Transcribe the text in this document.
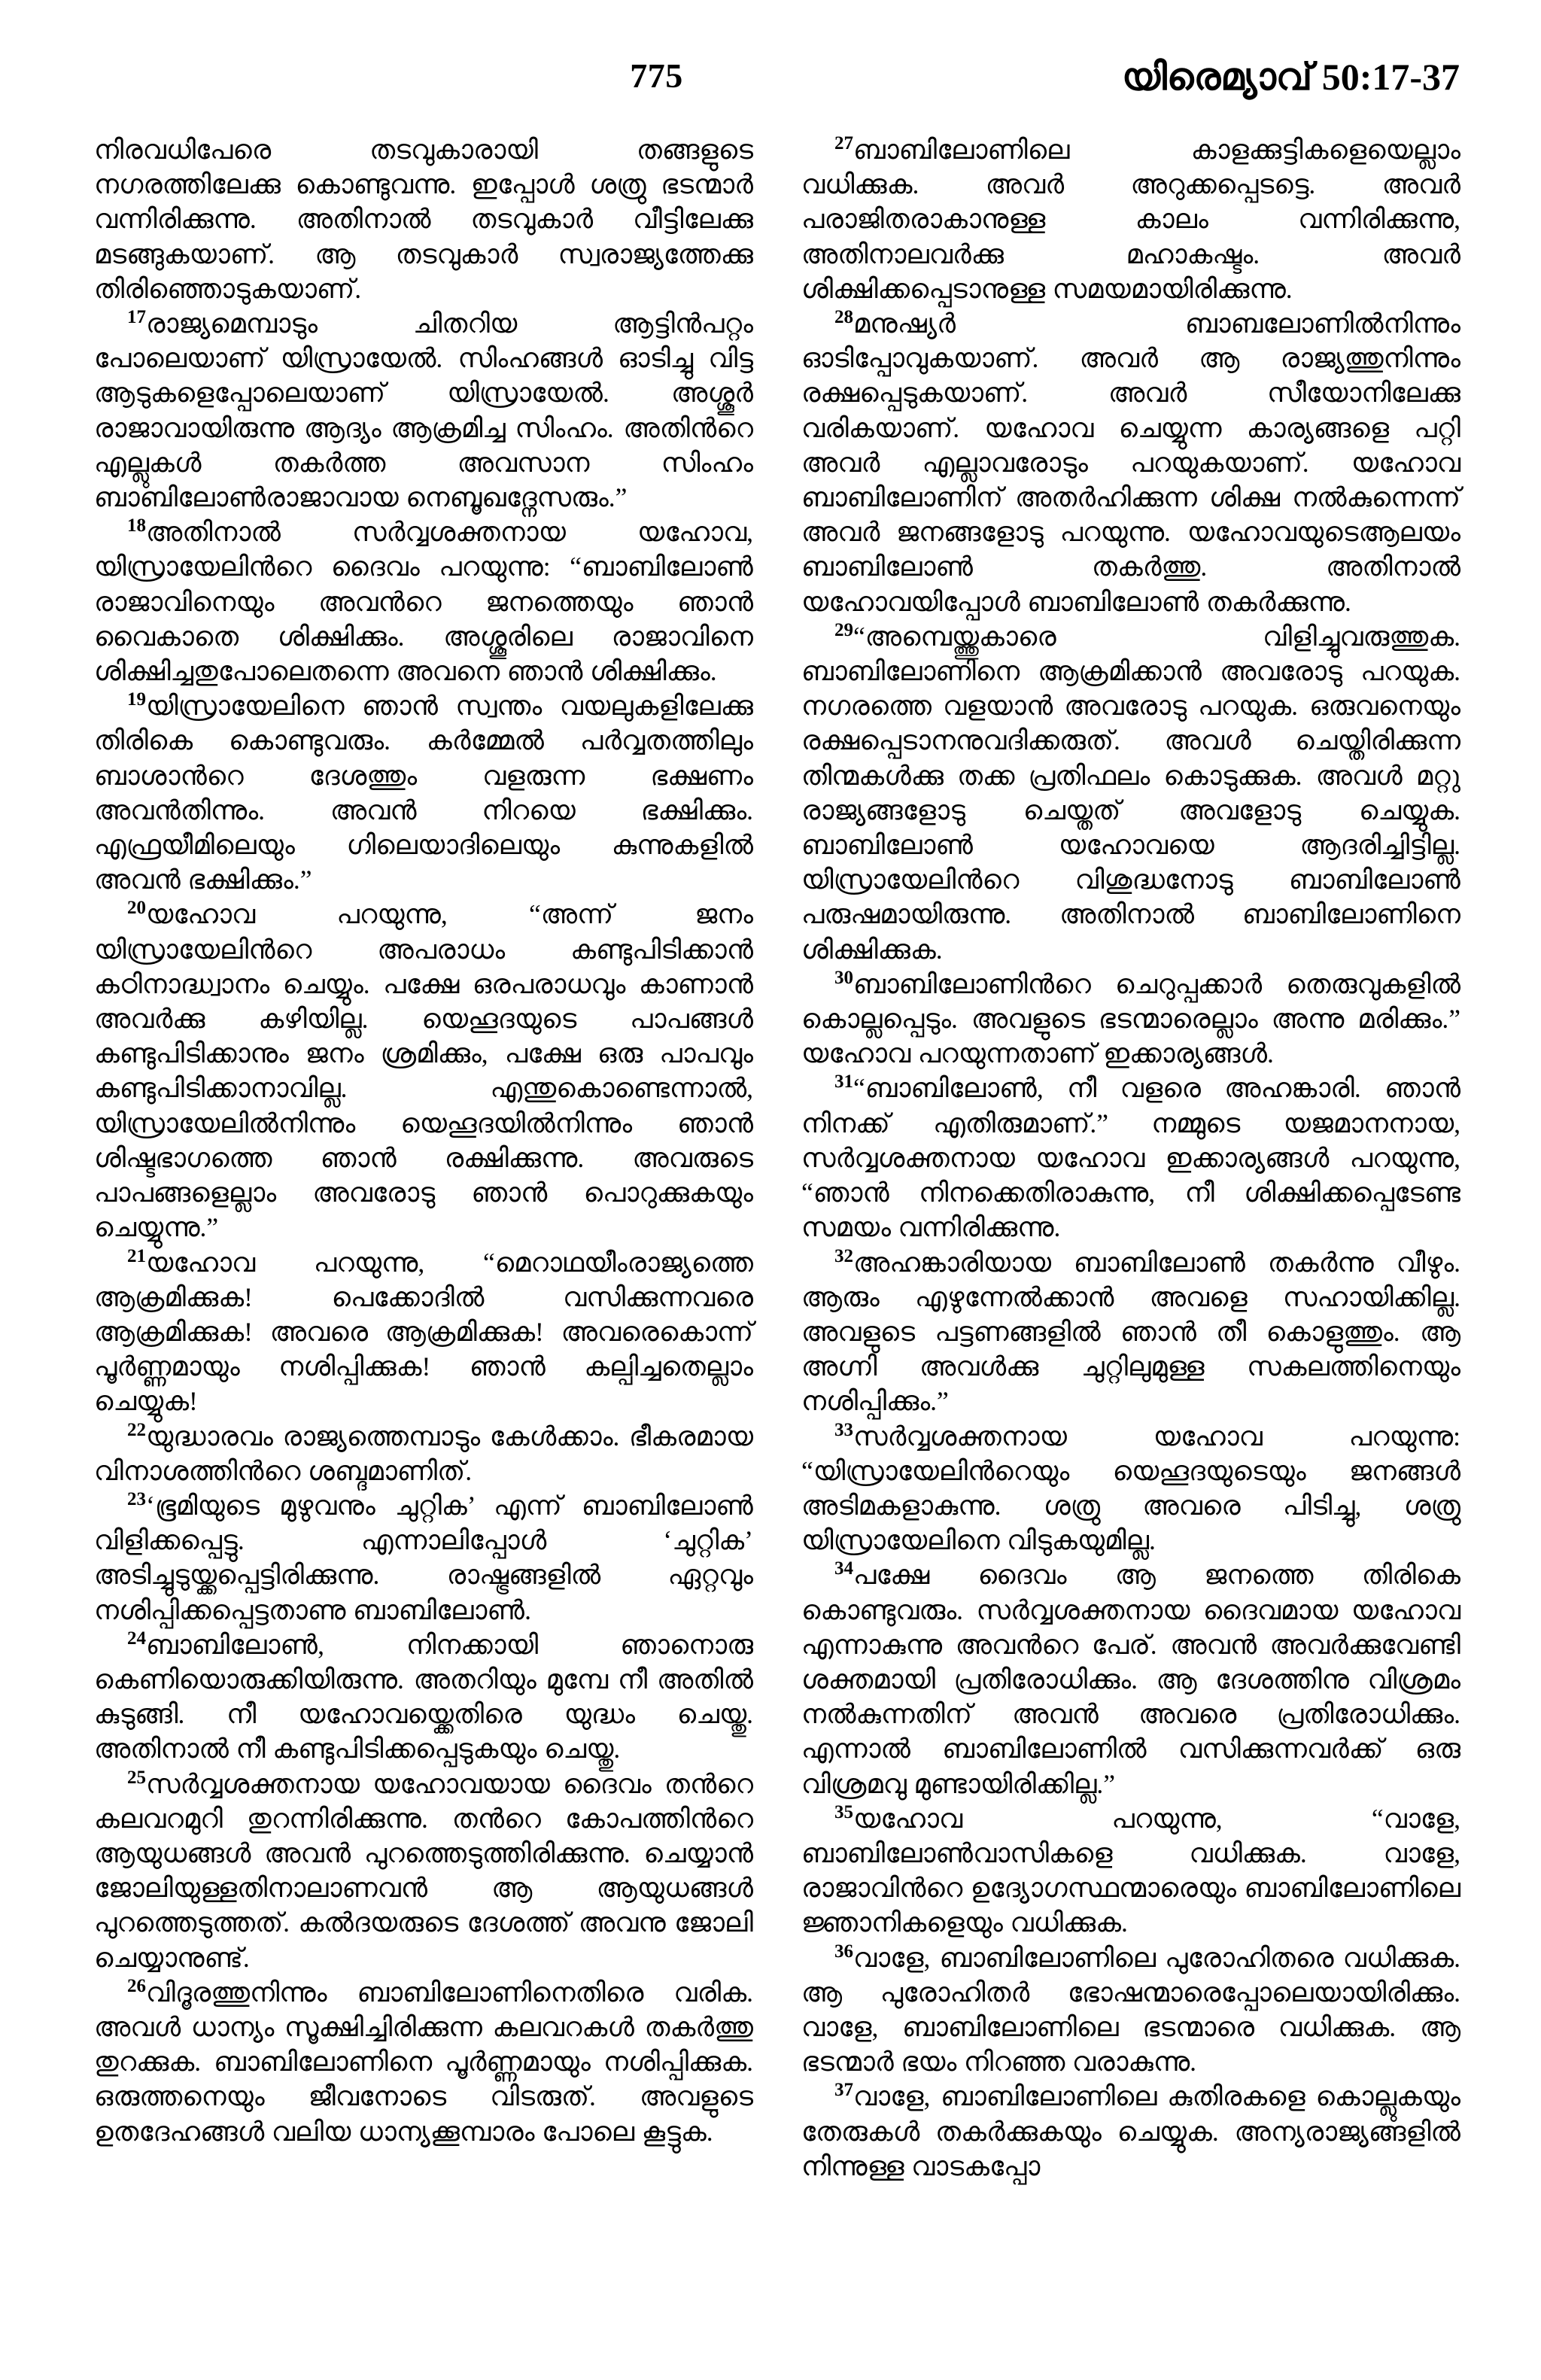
775	യിരെമ്യാവ് 50:17-37

നിരവധിപേരെ തടവുകാരായി തങ്ങളുടെ നഗരത്തിലേക്കു കൊണ്ടുവന്നു. ഇപ്പോള്‍ ശത്രു ഭടന്മാര്‍ വന്നിരിക്കുന്നു. അതിനാല്‍ തടവുകാര്‍ വീട്ടിലേക്കു മടങ്ങുകയാണ്. ആ തടവുകാര്‍ സ്വരാജ്യത്തേക്കു തിരിഞ്ഞൊടുകയാണ്.

$^{17}$രാജ്യമെമ്പാടും ചിതറിയ ആട്ടിന്‍പറ്റം പോലെയാണ് യിസ്രായേല്‍. സിംഹങ്ങള്‍ ഓടിച്ചു വിട്ട ആടുകളെപ്പോലെയാണ് യിസ്രായേല്‍. അശ്ശൂര്‍ രാജാവായിരുന്നു ആദ്യം ആക്രമിച്ച സിംഹം. അതിന്‍റെ എല്ലുകള്‍ തകര്‍ത്ത അവസാന സിംഹം ബാബിലോണ്‍രാജാവായ നെബൂഖദ്നേസരും.”

$^{18}$അതിനാല്‍ സര്‍വ്വശക്തനായ യഹോവ, യിസ്രായേലിന്‍റെ ദൈവം പറയുന്നു: “ബാബിലോണ്‍ രാജാവിനെയും അവന്‍റെ ജനത്തെയും ഞാന്‍ വൈകാതെ ശിക്ഷിക്കും. അശ്ശൂരിലെ രാജാവിനെ ശിക്ഷിച്ചതുപോലെതന്നെ അവനെ ഞാന്‍ ശിക്ഷിക്കും.

$^{19}$യിസ്രായേലിനെ ഞാന്‍ സ്വന്തം വയലുകളിലേക്കു തിരികെ കൊണ്ടുവരും. കര്‍മ്മേല്‍ പര്‍വ്വതത്തിലും ബാശാന്‍റെ ദേശത്തും വളരുന്ന ഭക്ഷണം അവന്‍തിന്നും. അവന്‍ നിറയെ ഭക്ഷിക്കും. എഫ്രയീമിലെയും ഗിലെയാദിലെയും കുന്നുകളില്‍ അവന്‍ ഭക്ഷിക്കും.”

$^{20}$യഹോവ പറയുന്നു, “അന്ന് ജനം യിസ്രായേലിന്‍റെ അപരാധം കണ്ടുപിടിക്കാന്‍ കഠിനാദ്ധ്വാനം ചെയ്യും. പക്ഷേ ഒരപരാധവും കാണാന്‍ അവര്‍ക്കു കഴിയില്ല. യെഹൂദയുടെ പാപങ്ങള്‍ കണ്ടുപിടിക്കാനും ജനം ശ്രമിക്കും, പക്ഷേ ഒരു പാപവും കണ്ടുപിടിക്കാനാവില്ല. എന്തുകൊണ്ടെന്നാല്‍, യിസ്രായേലില്‍നിന്നും യെഹൂദയില്‍നിന്നും ഞാന്‍ ശിഷ്ടഭാഗത്തെ ഞാന്‍ രക്ഷിക്കുന്നു. അവരുടെ പാപങ്ങളെല്ലാം അവരോടു ഞാന്‍ പൊറുക്കുകയും ചെയ്യുന്നു.”

$^{21}$യഹോവ പറയുന്നു, “മെറാഥയീംരാജ്യത്തെ ആക്രമിക്കുക! പെക്കോദില്‍ വസിക്കുന്നവരെ ആക്രമിക്കുക! അവരെ ആക്രമിക്കുക! അവരെകൊന്ന് പൂര്‍ണ്ണമായും നശിപ്പിക്കുക! ഞാന്‍ കല്പിച്ചതെല്ലാം ചെയ്യുക!

$^{22}$യുദ്ധാരവം രാജ്യത്തെമ്പാടും കേള്‍ക്കാം. ഭീകരമായ വിനാശത്തിന്‍റെ ശബ്ദമാണിത്.

$^{23}$‘ഭൂമിയുടെ മുഴുവനും ചുറ്റിക’ എന്ന് ബാബിലോണ്‍ വിളിക്കപ്പെട്ടു. എന്നാലിപ്പോള്‍ ‘ചുറ്റിക’ അടിച്ചുടുയ്ക്കപ്പെട്ടിരിക്കുന്നു. രാഷ്ട്രങ്ങളില്‍ ഏറ്റവും നശിപ്പിക്കപ്പെട്ടതാണു ബാബിലോണ്‍.

$^{24}$ബാബിലോണ്‍, നിനക്കായി ഞാനൊരു കെണിയൊരുക്കിയിരുന്നു. അതറിയും മുമ്പേ നീ അതില്‍ കുടുങ്ങി. നീ യഹോവയ്ക്കെതിരെ യുദ്ധം ചെയ്തു. അതിനാല്‍ നീ കണ്ടുപിടിക്കപ്പെടുകയും ചെയ്തു.

$^{25}$സര്‍വ്വശക്തനായ യഹോവയായ ദൈവം തന്‍റെ കലവറമുറി തുറന്നിരിക്കുന്നു. തന്‍റെ കോപത്തിന്‍റെ ആയുധങ്ങള്‍ അവന്‍ പുറത്തെടുത്തിരിക്കുന്നു. ചെയ്യാന്‍ ജോലിയുള്ളതിനാലാണവന്‍ ആ ആയുധങ്ങള്‍ പുറത്തെടുത്തത്. കല്‍ദയരുടെ ദേശത്ത് അവനു ജോലി ചെയ്യാനുണ്ട്.

$^{26}$വിദൂരത്തുനിന്നും ബാബിലോണിനെതിരെ വരിക. അവള്‍ ധാന്യം സൂക്ഷിച്ചിരിക്കുന്ന കലവറകള്‍ തകര്‍ത്തു തുറക്കുക. ബാബിലോണിനെ പൂര്‍ണ്ണമായും നശിപ്പിക്കുക. ഒരുത്തനെയും ജീവനോടെ വിടരുത്. അവളുടെ ഉതദേഹങ്ങള്‍ വലിയ ധാന്യക്കൂമ്പാരം പോലെ കൂട്ടുക.

$^{27}$ബാബിലോണിലെ കാളക്കുട്ടികളെയെല്ലാം വധിക്കുക. അവര്‍ അറുക്കപ്പെടട്ടെ. അവര്‍ പരാജിതരാകാനുള്ള കാലം വന്നിരിക്കുന്നു, അതിനാലവര്‍ക്കു മഹാകഷ്ടം. അവര്‍ ശിക്ഷിക്കപ്പെടാനുള്ള സമയമായിരിക്കുന്നു.

$^{28}$മനുഷ്യര്‍ ബാബലോണില്‍നിന്നും ഓടിപ്പോവുകയാണ്. അവര്‍ ആ രാജ്യത്തുനിന്നും രക്ഷപ്പെടുകയാണ്. അവര്‍ സീയോനിലേക്കു വരികയാണ്. യഹോവ ചെയ്യുന്ന കാര്യങ്ങളെ പറ്റി അവര്‍ എല്ലാവരോടും പറയുകയാണ്. യഹോവ ബാബിലോണിന് അതര്‍ഹിക്കുന്ന ശിക്ഷ നല്‍കുന്നെന്ന് അവര്‍ ജനങ്ങളോടു പറയുന്നു. യഹോവയുടെആലയം ബാബിലോണ്‍ തകര്‍ത്തു. അതിനാല്‍ യഹോവയിപ്പോള്‍ ബാബിലോണ്‍ തകര്‍ക്കുന്നു.

$^{29}$“അമ്പെയ്ത്തുകാരെ വിളിച്ചുവരുത്തുക. ബാബിലോണിനെ ആക്രമിക്കാന്‍ അവരോടു പറയുക. നഗരത്തെ വളയാന്‍ അവരോടു പറയുക. ഒരുവനെയും രക്ഷപ്പെടാനനുവദിക്കരുത്. അവള്‍ ചെയ്തിരിക്കുന്ന തിന്മകള്‍ക്കു തക്ക പ്രതിഫലം കൊടുക്കുക. അവള്‍ മറ്റു രാജ്യങ്ങളോടു ചെയ്തത് അവളോടു ചെയ്യുക. ബാബിലോണ്‍ യഹോവയെ ആദരിച്ചിട്ടില്ല. യിസ്രായേലിന്‍റെ വിശുദ്ധനോടു ബാബിലോണ്‍ പരുഷമായിരുന്നു. അതിനാല്‍ ബാബിലോണിനെ ശിക്ഷിക്കുക.

$^{30}$ബാബിലോണിന്‍റെ ചെറുപ്പക്കാര്‍ തെരുവുകളില്‍ കൊല്ലപ്പെടും. അവളുടെ ഭടന്മാരെല്ലാം അന്നു മരിക്കും.” യഹോവ പറയുന്നതാണ് ഇക്കാര്യങ്ങള്‍.

$^{31}$“ബാബിലോണ്‍, നീ വളരെ അഹങ്കാരി. ഞാന്‍ നിനക്ക് എതിരുമാണ്.” നമ്മുടെ യജമാനനായ, സര്‍വ്വശക്തനായ യഹോവ ഇക്കാര്യങ്ങള്‍ പറയുന്നു, “ഞാന്‍ നിനക്കെതിരാകുന്നു, നീ ശിക്ഷിക്കപ്പെടേണ്ട സമയം വന്നിരിക്കുന്നു.

$^{32}$അഹങ്കാരിയായ ബാബിലോണ്‍ തകര്‍ന്നു വീഴും. ആരും എഴുന്നേല്‍ക്കാന്‍ അവളെ സഹായിക്കില്ല. അവളുടെ പട്ടണങ്ങളില്‍ ഞാന്‍ തീ കൊളുത്തും. ആ അഗ്നി അവള്‍ക്കു ചുറ്റിലുമുള്ള സകലത്തിനെയും നശിപ്പിക്കും.”

$^{33}$സര്‍വ്വശക്തനായ യഹോവ പറയുന്നു: “യിസ്രായേലിന്‍റെയും യെഹൂദയുടെയും ജനങ്ങള്‍ അടിമകളാകുന്നു. ശത്രു അവരെ പിടിച്ചു, ശത്രു യിസ്രായേലിനെ വിടുകയുമില്ല.

$^{34}$പക്ഷേ ദൈവം ആ ജനത്തെ തിരികെ കൊണ്ടുവരും. സര്‍വ്വശക്തനായ ദൈവമായ യഹോവ എന്നാകുന്നു അവന്‍റെ പേര്. അവന്‍ അവര്‍ക്കുവേണ്ടി ശക്തമായി പ്രതിരോധിക്കും. ആ ദേശത്തിനു വിശ്രമം നല്‍കുന്നതിന് അവന്‍ അവരെ പ്രതിരോധിക്കും. എന്നാല്‍ ബാബിലോണില്‍ വസിക്കുന്നവര്‍ക്ക് ഒരു വിശ്രമവു മുണ്ടായിരിക്കില്ല.”

$^{35}$യഹോവ പറയുന്നു, “വാളേ, ബാബിലോണ്‍വാസികളെ വധിക്കുക. വാളേ, രാജാവിന്‍റെ ഉദ്യോഗസ്ഥന്മാരെയും ബാബിലോണിലെ ജ്ഞാനികളെയും വധിക്കുക.

$^{36}$വാളേ, ബാബിലോണിലെ പുരോഹിതരെ വധിക്കുക. ആ പുരോഹിതര്‍ ഭോഷന്മാരെപ്പോലെയായിരിക്കും. വാളേ, ബാബിലോണിലെ ഭടന്മാരെ വധിക്കുക. ആ ഭടന്മാര്‍ ഭയം നിറഞ്ഞ വരാകുന്നു.

$^{37}$വാളേ, ബാബിലോണിലെ കുതിരകളെ കൊല്ലുകയും തേരുകള്‍ തകര്‍ക്കുകയും ചെയ്യുക. അന്യരാജ്യങ്ങളില്‍ നിന്നുള്ള വാടകപ്പോ
